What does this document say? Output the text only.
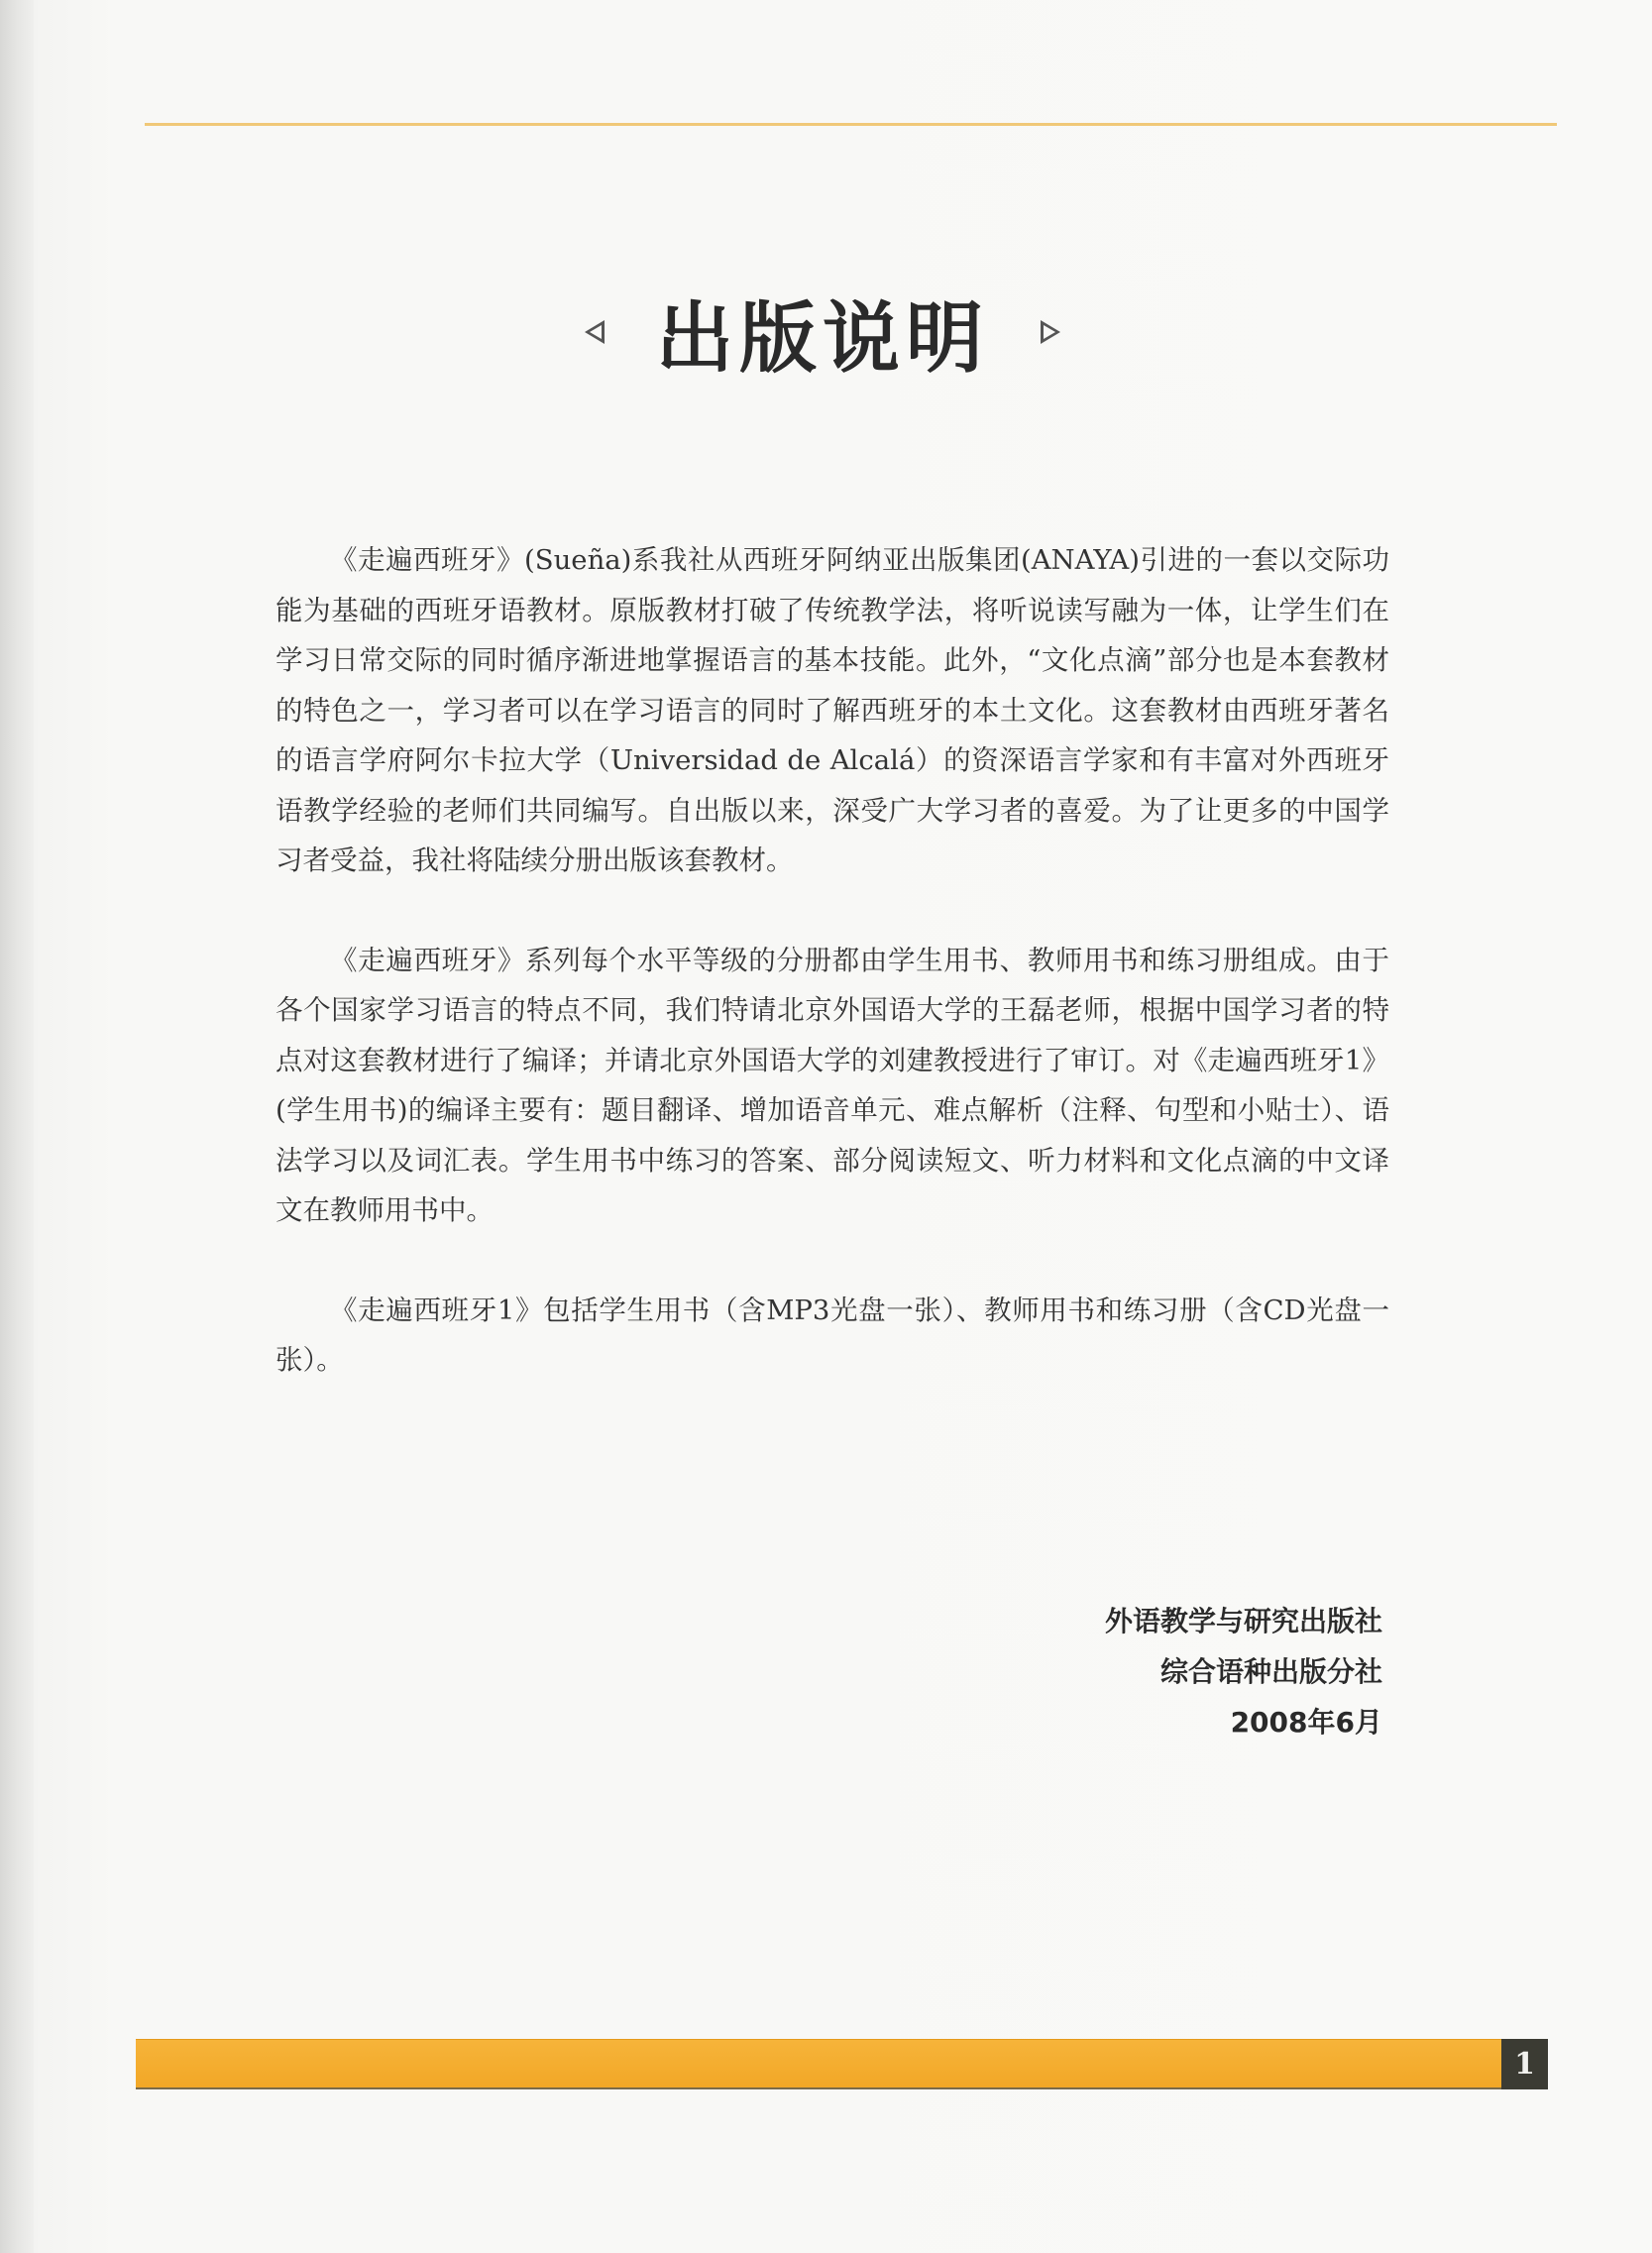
出版说明

《走遍西班牙》(Sueña)系我社从西班牙阿纳亚出版集团(ANAYA)引进的一套以交际功能为基础的西班牙语教材。原版教材打破了传统教学法，将听说读写融为一体，让学生们在学习日常交际的同时循序渐进地掌握语言的基本技能。此外，“文化点滴”部分也是本套教材的特色之一，学习者可以在学习语言的同时了解西班牙的本土文化。这套教材由西班牙著名的语言学府阿尔卡拉大学（Universidad de Alcalá）的资深语言学家和有丰富对外西班牙语教学经验的老师们共同编写。自出版以来，深受广大学习者的喜爱。为了让更多的中国学习者受益，我社将陆续分册出版该套教材。

《走遍西班牙》系列每个水平等级的分册都由学生用书、教师用书和练习册组成。由于各个国家学习语言的特点不同，我们特请北京外国语大学的王磊老师，根据中国学习者的特点对这套教材进行了编译；并请北京外国语大学的刘建教授进行了审订。对《走遍西班牙1》(学生用书)的编译主要有：题目翻译、增加语音单元、难点解析（注释、句型和小贴士）、语法学习以及词汇表。学生用书中练习的答案、部分阅读短文、听力材料和文化点滴的中文译文在教师用书中。

《走遍西班牙1》包括学生用书（含MP3光盘一张）、教师用书和练习册（含CD光盘一张）。

外语教学与研究出版社
综合语种出版分社
2008年6月
1
